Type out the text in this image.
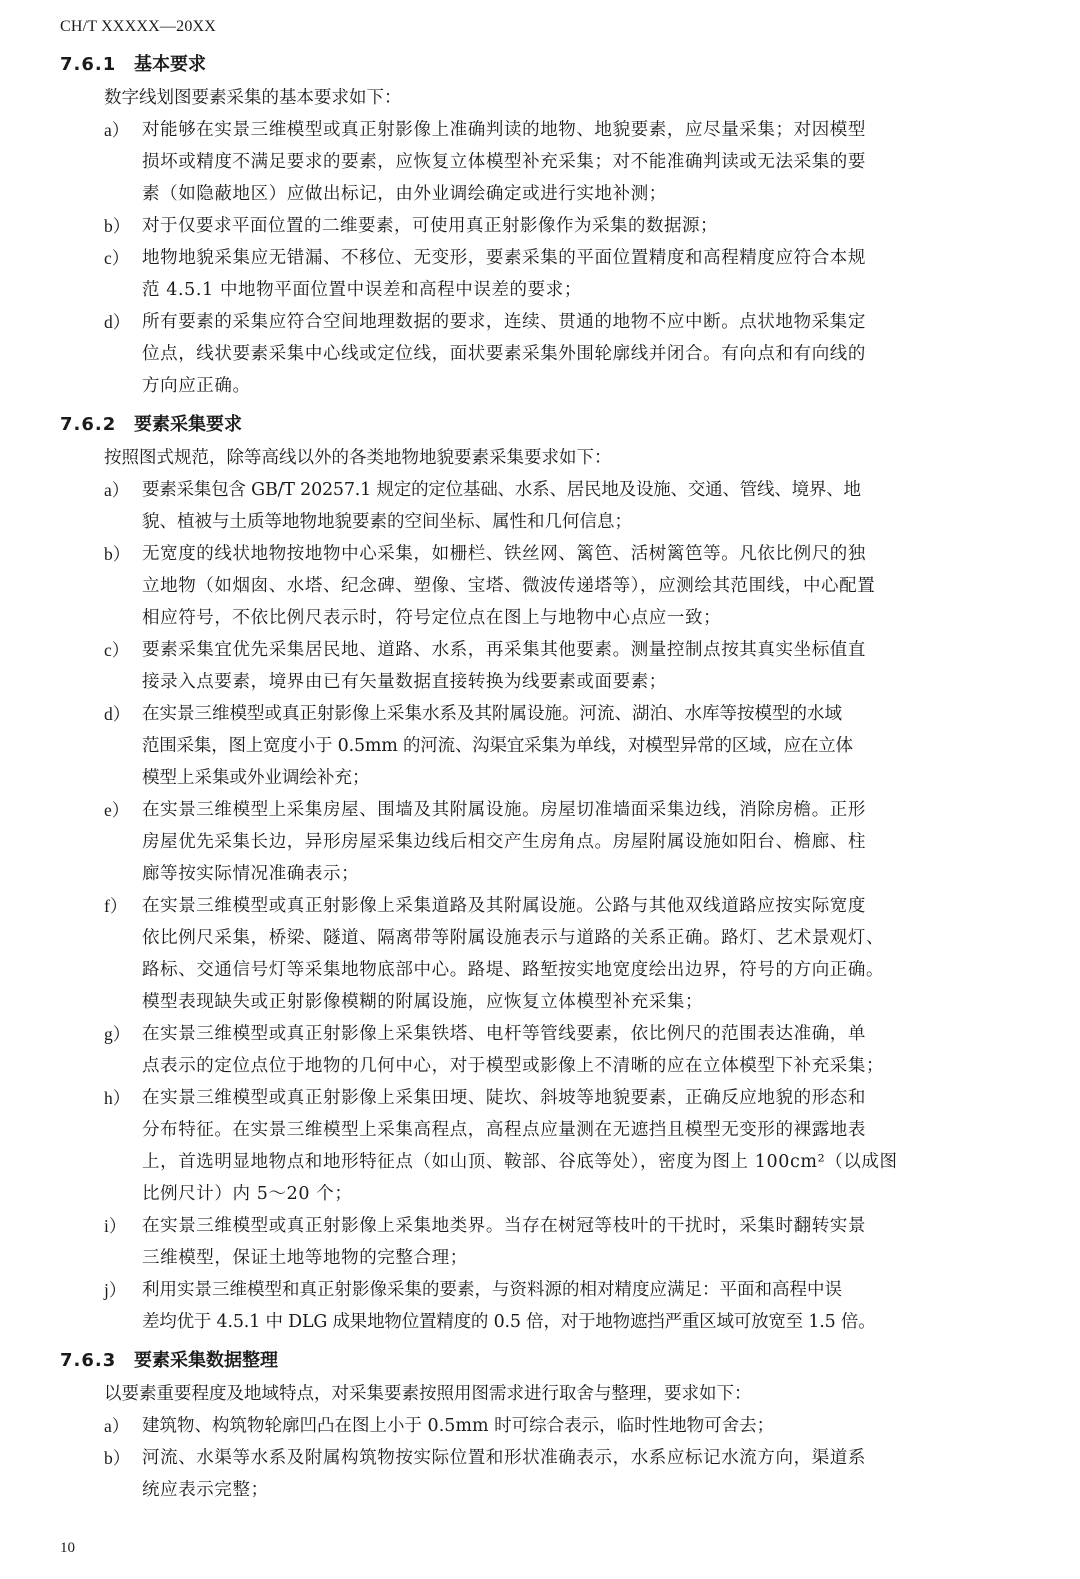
CH/T XXXXX—20XX
7.6.1 基本要求
数字线划图要素采集的基本要求如下：
a） 对能够在实景三维模型或真正射影像上准确判读的地物、地貌要素，应尽量采集；对因模型
损坏或精度不满足要求的要素，应恢复立体模型补充采集；对不能准确判读或无法采集的要
素（如隐蔽地区）应做出标记，由外业调绘确定或进行实地补测；
b） 对于仅要求平面位置的二维要素，可使用真正射影像作为采集的数据源；
c） 地物地貌采集应无错漏、不移位、无变形，要素采集的平面位置精度和高程精度应符合本规
范 4.5.1 中地物平面位置中误差和高程中误差的要求；
d） 所有要素的采集应符合空间地理数据的要求，连续、贯通的地物不应中断。点状地物采集定
位点，线状要素采集中心线或定位线，面状要素采集外围轮廓线并闭合。有向点和有向线的
方向应正确。
7.6.2 要素采集要求
按照图式规范，除等高线以外的各类地物地貌要素采集要求如下：
a） 要素采集包含 GB/T 20257.1 规定的定位基础、水系、居民地及设施、交通、管线、境界、地
貌、植被与土质等地物地貌要素的空间坐标、属性和几何信息；
b） 无宽度的线状地物按地物中心采集，如栅栏、铁丝网、篱笆、活树篱笆等。凡依比例尺的独
立地物（如烟囱、水塔、纪念碑、塑像、宝塔、微波传递塔等），应测绘其范围线，中心配置
相应符号，不依比例尺表示时，符号定位点在图上与地物中心点应一致；
c） 要素采集宜优先采集居民地、道路、水系，再采集其他要素。测量控制点按其真实坐标值直
接录入点要素，境界由已有矢量数据直接转换为线要素或面要素；
d） 在实景三维模型或真正射影像上采集水系及其附属设施。河流、湖泊、水库等按模型的水域
范围采集，图上宽度小于 0.5mm 的河流、沟渠宜采集为单线，对模型异常的区域，应在立体
模型上采集或外业调绘补充；
e） 在实景三维模型上采集房屋、围墙及其附属设施。房屋切准墙面采集边线，消除房檐。正形
房屋优先采集长边，异形房屋采集边线后相交产生房角点。房屋附属设施如阳台、檐廊、柱
廊等按实际情况准确表示；
f） 在实景三维模型或真正射影像上采集道路及其附属设施。公路与其他双线道路应按实际宽度
依比例尺采集，桥梁、隧道、隔离带等附属设施表示与道路的关系正确。路灯、艺术景观灯、
路标、交通信号灯等采集地物底部中心。路堤、路堑按实地宽度绘出边界，符号的方向正确。
模型表现缺失或正射影像模糊的附属设施，应恢复立体模型补充采集；
g） 在实景三维模型或真正射影像上采集铁塔、电杆等管线要素，依比例尺的范围表达准确，单
点表示的定位点位于地物的几何中心，对于模型或影像上不清晰的应在立体模型下补充采集；
h） 在实景三维模型或真正射影像上采集田埂、陡坎、斜坡等地貌要素，正确反应地貌的形态和
分布特征。在实景三维模型上采集高程点，高程点应量测在无遮挡且模型无变形的裸露地表
上，首选明显地物点和地形特征点（如山顶、鞍部、谷底等处），密度为图上 100cm²（以成图
比例尺计）内 5～20 个；
i） 在实景三维模型或真正射影像上采集地类界。当存在树冠等枝叶的干扰时，采集时翻转实景
三维模型，保证土地等地物的完整合理；
j） 利用实景三维模型和真正射影像采集的要素，与资料源的相对精度应满足：平面和高程中误
差均优于 4.5.1 中 DLG 成果地物位置精度的 0.5 倍，对于地物遮挡严重区域可放宽至 1.5 倍。
7.6.3 要素采集数据整理
以要素重要程度及地域特点，对采集要素按照用图需求进行取舍与整理，要求如下：
a） 建筑物、构筑物轮廓凹凸在图上小于 0.5mm 时可综合表示，临时性地物可舍去；
b） 河流、水渠等水系及附属构筑物按实际位置和形状准确表示，水系应标记水流方向，渠道系
统应表示完整；
10
